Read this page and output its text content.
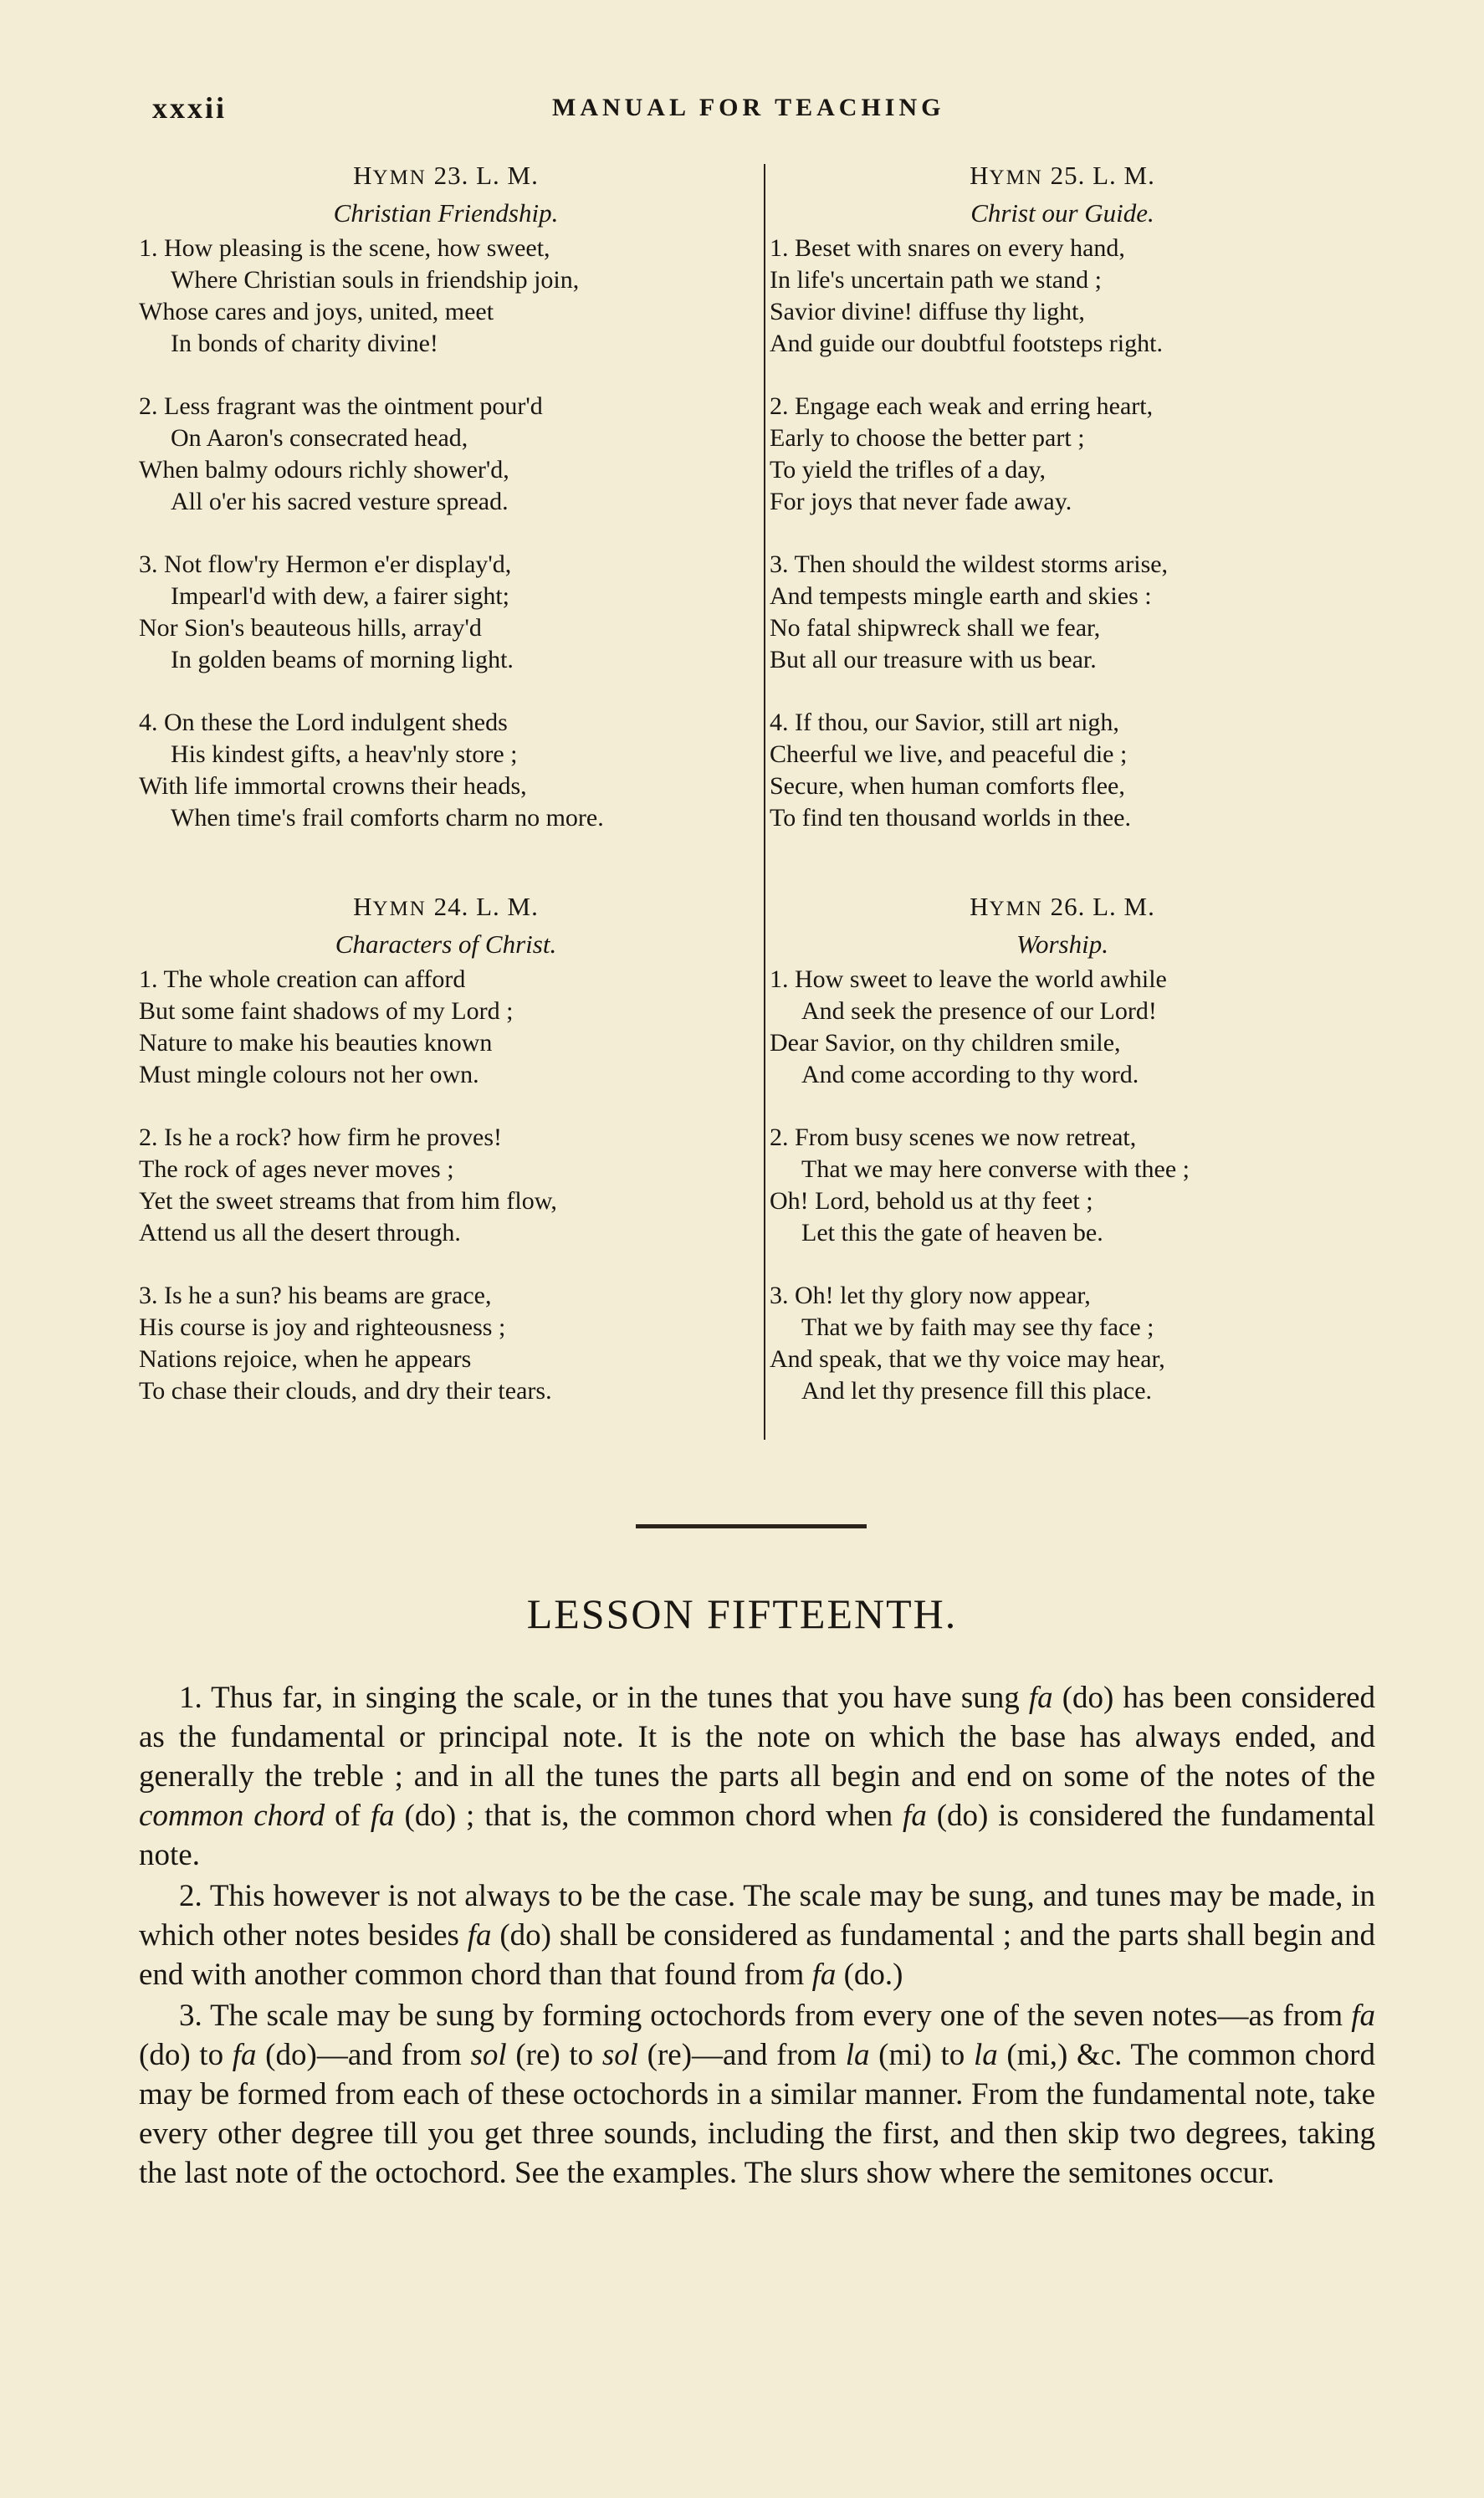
xxxii	MANUAL FOR TEACHING
HYMN 23. L. M.
Christian Friendship.
1. How pleasing is the scene, how sweet,
Where Christian souls in friendship join,
Whose cares and joys, united, meet
In bonds of charity divine!
2. Less fragrant was the ointment pour'd
On Aaron's consecrated head,
When balmy odours richly shower'd,
All o'er his sacred vesture spread.
3. Not flow'ry Hermon e'er display'd,
Impearl'd with dew, a fairer sight;
Nor Sion's beauteous hills, array'd
In golden beams of morning light.
4. On these the Lord indulgent sheds
His kindest gifts, a heav'nly store ;
With life immortal crowns their heads,
When time's frail comforts charm no more.
HYMN 24. L. M.
Characters of Christ.
1. The whole creation can afford
But some faint shadows of my Lord ;
Nature to make his beauties known
Must mingle colours not her own.
2. Is he a rock? how firm he proves!
The rock of ages never moves ;
Yet the sweet streams that from him flow,
Attend us all the desert through.
3. Is he a sun? his beams are grace,
His course is joy and righteousness ;
Nations rejoice, when he appears
To chase their clouds, and dry their tears.
HYMN 25. L. M.
Christ our Guide.
1. Beset with snares on every hand,
In life's uncertain path we stand ;
Savior divine! diffuse thy light,
And guide our doubtful footsteps right.
2. Engage each weak and erring heart,
Early to choose the better part ;
To yield the trifles of a day,
For joys that never fade away.
3. Then should the wildest storms arise,
And tempests mingle earth and skies :
No fatal shipwreck shall we fear,
But all our treasure with us bear.
4. If thou, our Savior, still art nigh,
Cheerful we live, and peaceful die ;
Secure, when human comforts flee,
To find ten thousand worlds in thee.
HYMN 26. L. M.
Worship.
1. How sweet to leave the world awhile
And seek the presence of our Lord!
Dear Savior, on thy children smile,
And come according to thy word.
2. From busy scenes we now retreat,
That we may here converse with thee ;
Oh! Lord, behold us at thy feet ;
Let this the gate of heaven be.
3. Oh! let thy glory now appear,
That we by faith may see thy face ;
And speak, that we thy voice may hear,
And let thy presence fill this place.
LESSON FIFTEENTH.

1. Thus far, in singing the scale, or in the tunes that you have sung fa (do) has been considered as the fundamental or principal note. It is the note on which the base has always ended, and generally the treble ; and in all the tunes the parts all begin and end on some of the notes of the common chord of fa (do) ; that is, the common chord when fa (do) is considered the fundamental note.

2. This however is not always to be the case. The scale may be sung, and tunes may be made, in which other notes besides fa (do) shall be considered as fundamental ; and the parts shall begin and end with another common chord than that found from fa (do.)

3. The scale may be sung by forming octochords from every one of the seven notes—as from fa (do) to fa (do)—and from sol (re) to sol (re)—and from la (mi) to la (mi,) &c. The common chord may be formed from each of these octochords in a similar manner. From the fundamental note, take every other degree till you get three sounds, including the first, and then skip two degrees, taking the last note of the octochord. See the examples. The slurs show where the semitones occur.
